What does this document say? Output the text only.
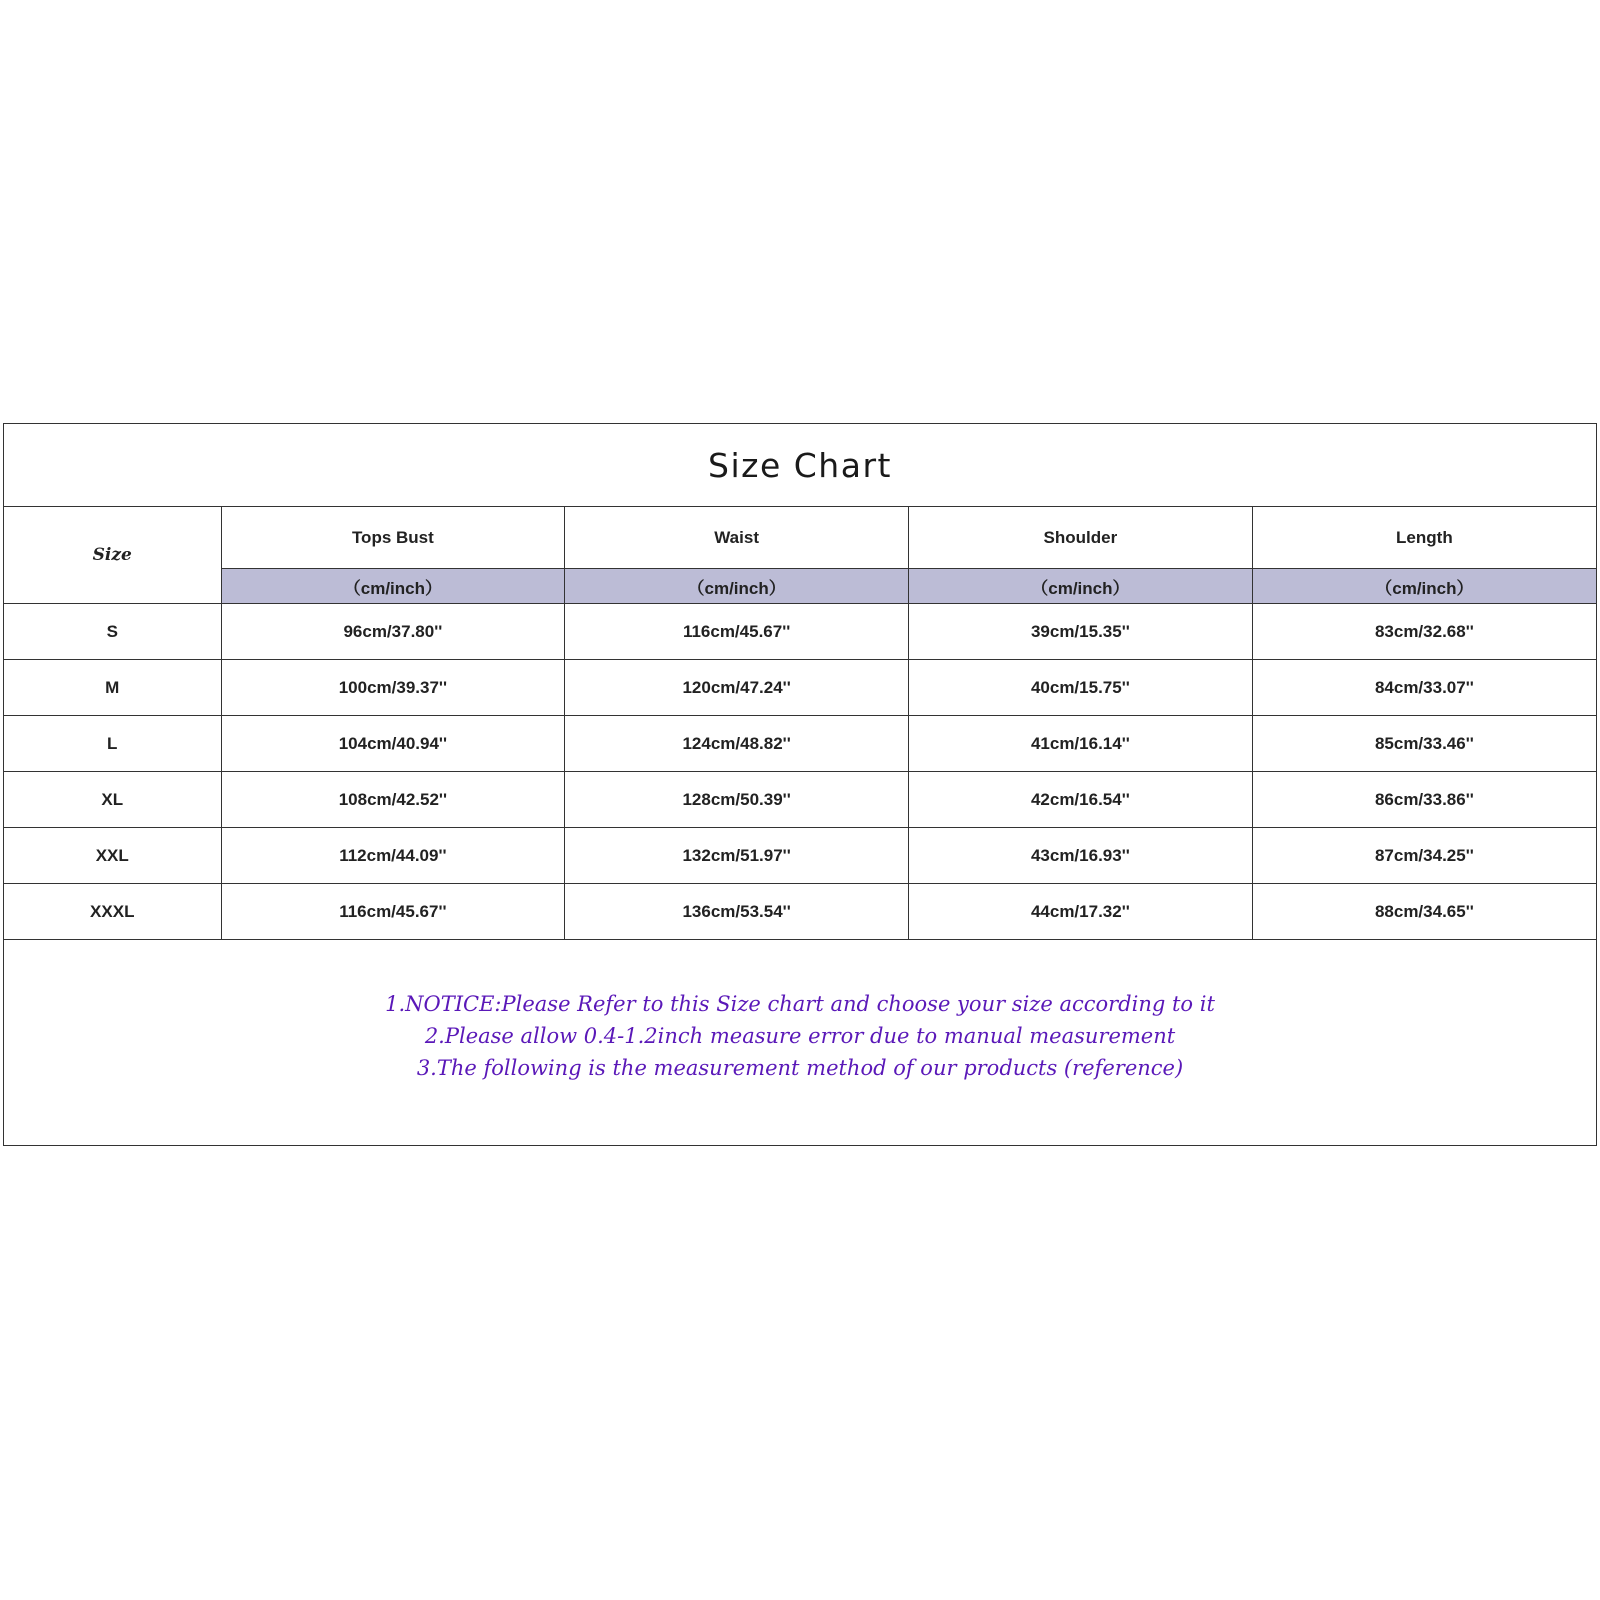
Size Chart
Size	Tops Bust	Waist	Shoulder	Length
	（cm/inch）	（cm/inch）	（cm/inch）	（cm/inch）
S	96cm/37.80''	116cm/45.67''	39cm/15.35''	83cm/32.68''
M	100cm/39.37''	120cm/47.24''	40cm/15.75''	84cm/33.07''
L	104cm/40.94''	124cm/48.82''	41cm/16.14''	85cm/33.46''
XL	108cm/42.52''	128cm/50.39''	42cm/16.54''	86cm/33.86''
XXL	112cm/44.09''	132cm/51.97''	43cm/16.93''	87cm/34.25''
XXXL	116cm/45.67''	136cm/53.54''	44cm/17.32''	88cm/34.65''
1.NOTICE:Please Refer to this Size chart and choose your size according to it
2.Please allow 0.4-1.2inch measure error due to manual measurement
3.The following is the measurement method of our products (reference)
